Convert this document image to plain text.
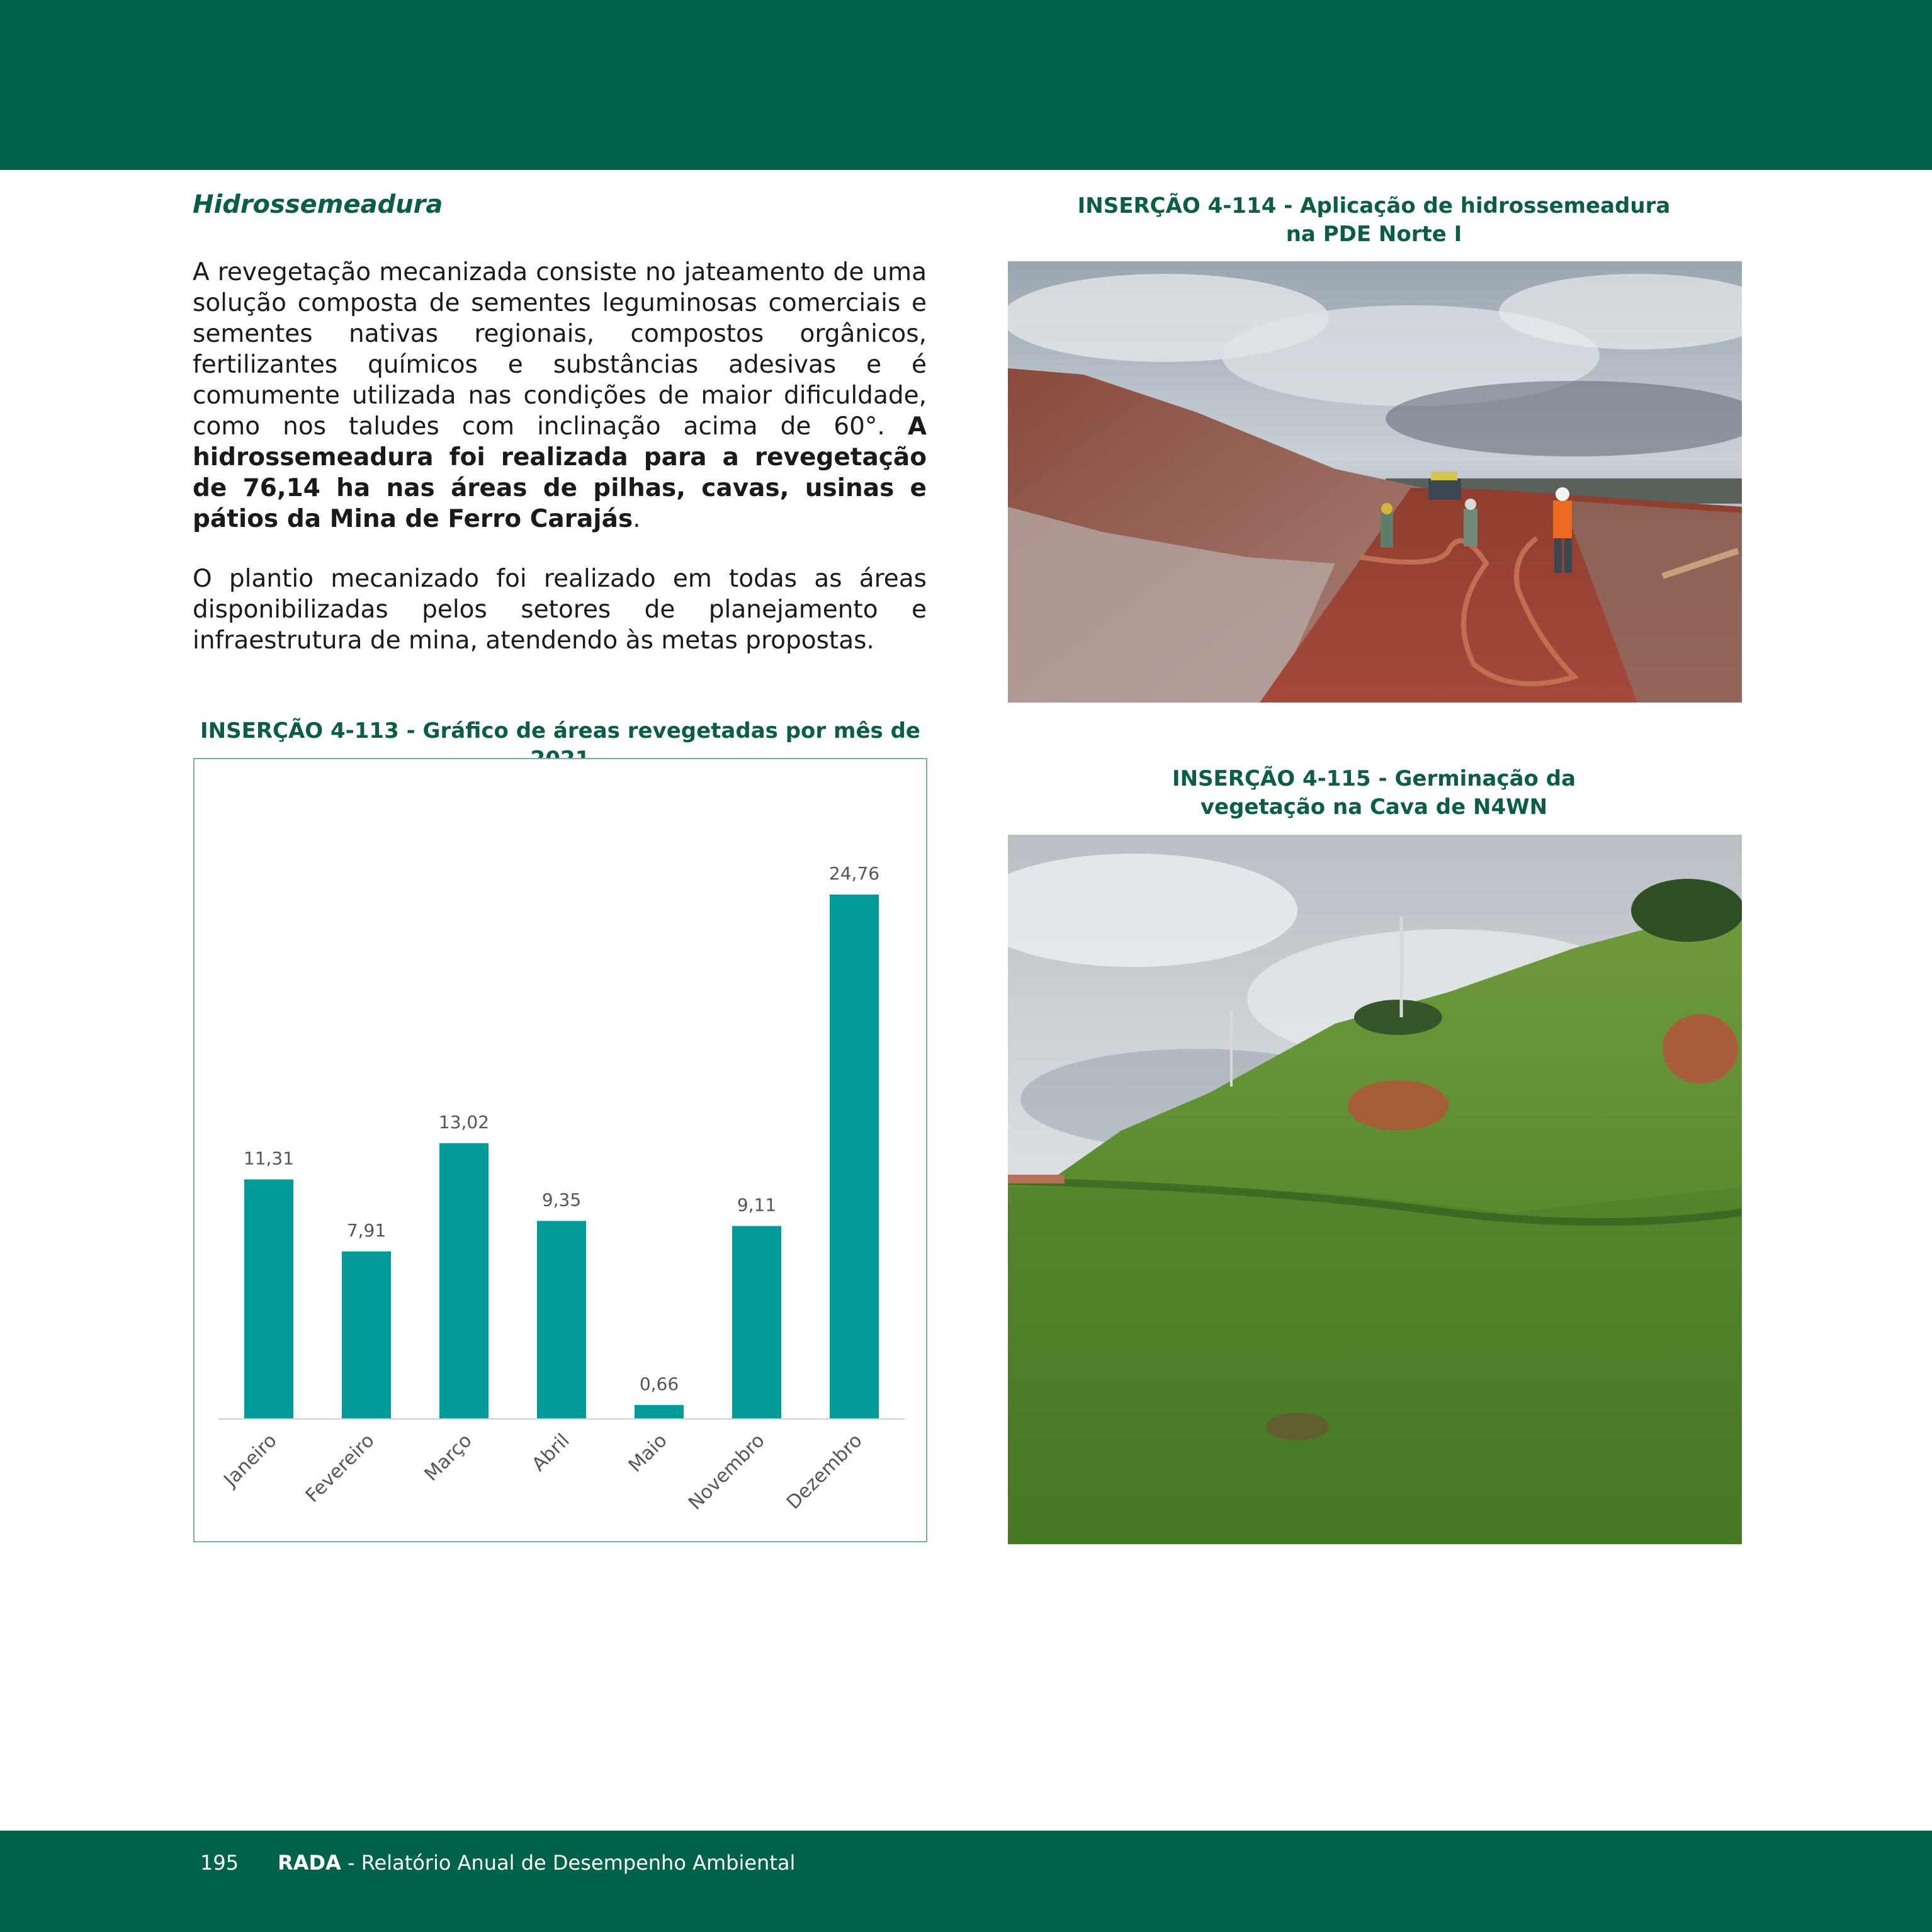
Hidrossemeadura

A revegetação mecanizada consiste no jateamento de uma solução composta de sementes leguminosas comerciais e sementes nativas regionais, compostos orgânicos, fertilizantes químicos e substâncias adesivas e é comumente utilizada nas condições de maior dificuldade, como nos taludes com inclinação acima de 60°. A hidrossemeadura foi realizada para a revegetação de 76,14 ha nas áreas de pilhas, cavas, usinas e pátios da Mina de Ferro Carajás.

O plantio mecanizado foi realizado em todas as áreas disponibilizadas pelos setores de planejamento e infraestrutura de mina, atendendo às metas propostas.

INSERÇÃO 4-113 - Gráfico de áreas revegetadas por mês de
11,31
Janeiro
7,91
Fevereiro
13,02
Março
9,35
Abril
0,66
Maio
9,11
Novembro
24,76
Dezembro
INSERÇÃO 4-114 - Aplicação de hidrossemeadura
na PDE Norte I
INSERÇÃO 4-115 - Germinação da
vegetação na Cava de N4WN
195 RADA - Relatório Anual de Desempenho Ambiental
